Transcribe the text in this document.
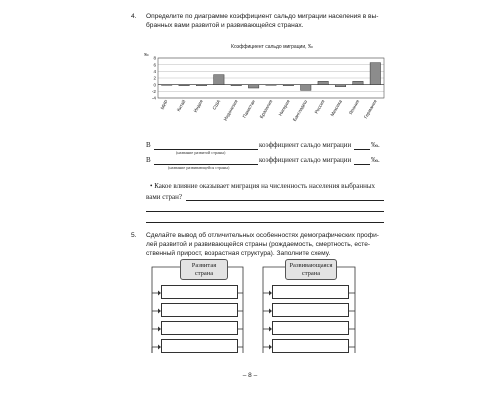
4. Определите по диаграмме коэффициент сальдо миграции населения в вы-
бранных вами развитой и развивающейся странах.
Коэффициент сальдо миграции, ‰
‰
8
6
4
2
0
-2
-4
МИР Китай Индия США Индонезия Пакистан Бразилия Нигерия Бангладеш Россия Мексика Япония Германия
В
(название развитой страны)
коэффициент сальдо миграции	‰.
В
(название развивающейся страны)
коэффициент сальдо миграции	‰.
• Какое влияние оказывает миграция на численность населения выбранных
вами стран?
5. Сделайте вывод об отличительных особенностях демографических профи-
лей развитой и развивающейся страны (рождаемость, смертность, есте-
ственный прирост, возрастная структура). Заполните схему.
Развитая
страна
Развивающаяся
страна
– 8 –
